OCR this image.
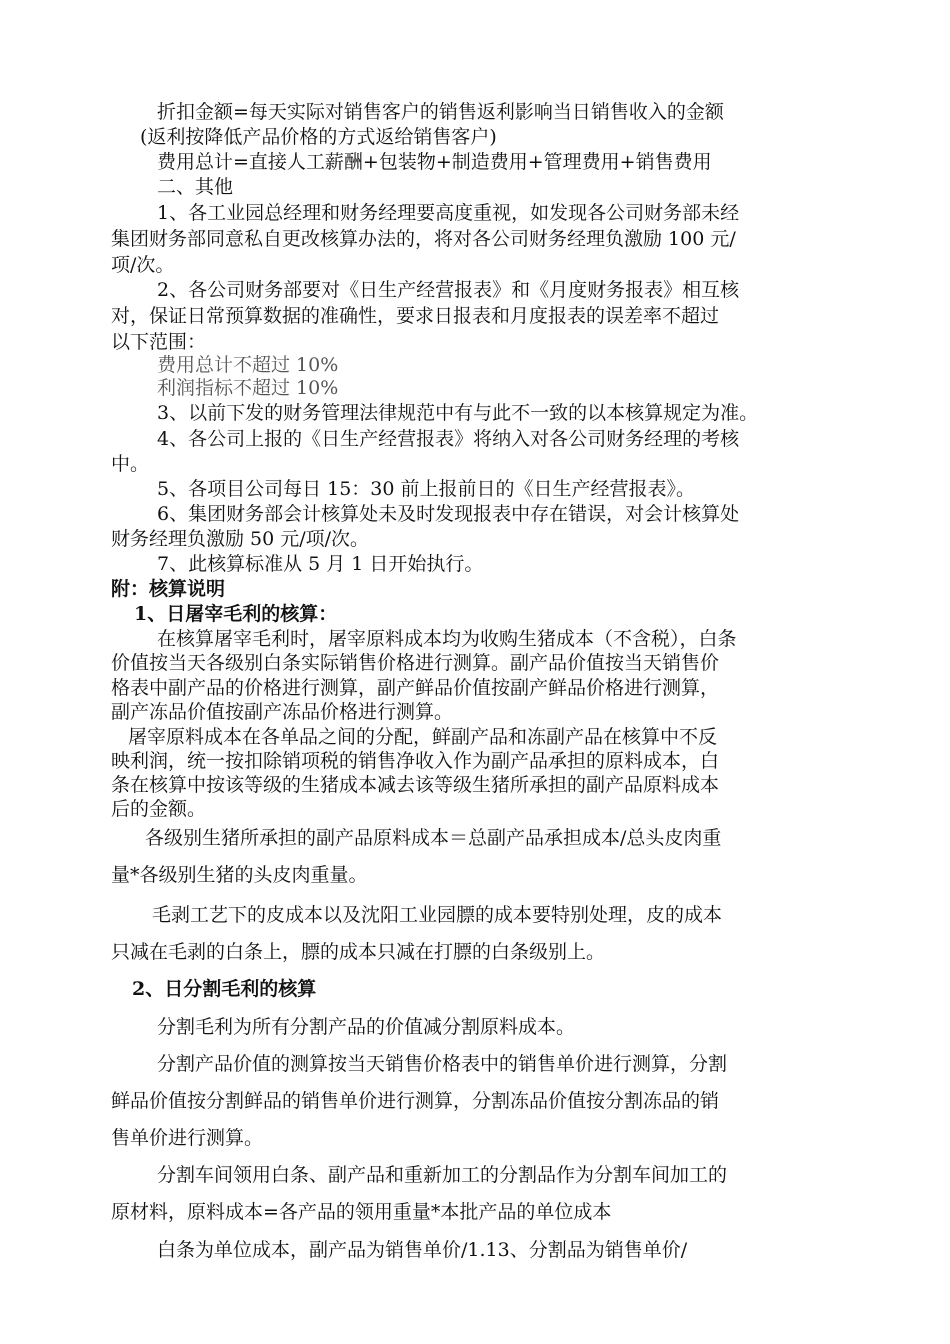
折扣金额=每天实际对销售客户的销售返利影响当日销售收入的金额
(返利按降低产品价格的方式返给销售客户)
费用总计=直接人工薪酬+包装物+制造费用+管理费用+销售费用
二、其他
1、各工业园总经理和财务经理要高度重视，如发现各公司财务部未经
集团财务部同意私自更改核算办法的，将对各公司财务经理负激励 100 元/
项/次。
2、各公司财务部要对《日生产经营报表》和《月度财务报表》相互核
对，保证日常预算数据的准确性，要求日报表和月度报表的误差率不超过
以下范围：
费用总计不超过 10%
利润指标不超过 10%
3、以前下发的财务管理法律规范中有与此不一致的以本核算规定为准。
4、各公司上报的《日生产经营报表》将纳入对各公司财务经理的考核
中。
5、各项目公司每日 15：30 前上报前日的《日生产经营报表》。
6、集团财务部会计核算处未及时发现报表中存在错误，对会计核算处
财务经理负激励 50 元/项/次。
7、此核算标准从 5 月 1 日开始执行。
附：核算说明
1、日屠宰毛利的核算：
在核算屠宰毛利时，屠宰原料成本均为收购生猪成本（不含税），白条
价值按当天各级别白条实际销售价格进行测算。副产品价值按当天销售价
格表中副产品的价格进行测算，副产鲜品价值按副产鲜品价格进行测算，
副产冻品价值按副产冻品价格进行测算。
屠宰原料成本在各单品之间的分配，鲜副产品和冻副产品在核算中不反
映利润，统一按扣除销项税的销售净收入作为副产品承担的原料成本，白
条在核算中按该等级的生猪成本减去该等级生猪所承担的副产品原料成本
后的金额。
各级别生猪所承担的副产品原料成本＝总副产品承担成本/总头皮肉重
量*各级别生猪的头皮肉重量。
毛剥工艺下的皮成本以及沈阳工业园膘的成本要特别处理，皮的成本
只减在毛剥的白条上，膘的成本只减在打膘的白条级别上。
2、日分割毛利的核算
分割毛利为所有分割产品的价值减分割原料成本。
分割产品价值的测算按当天销售价格表中的销售单价进行测算，分割
鲜品价值按分割鲜品的销售单价进行测算，分割冻品价值按分割冻品的销
售单价进行测算。
分割车间领用白条、副产品和重新加工的分割品作为分割车间加工的
原材料，原料成本=各产品的领用重量*本批产品的单位成本
白条为单位成本，副产品为销售单价/1.13、分割品为销售单价/
